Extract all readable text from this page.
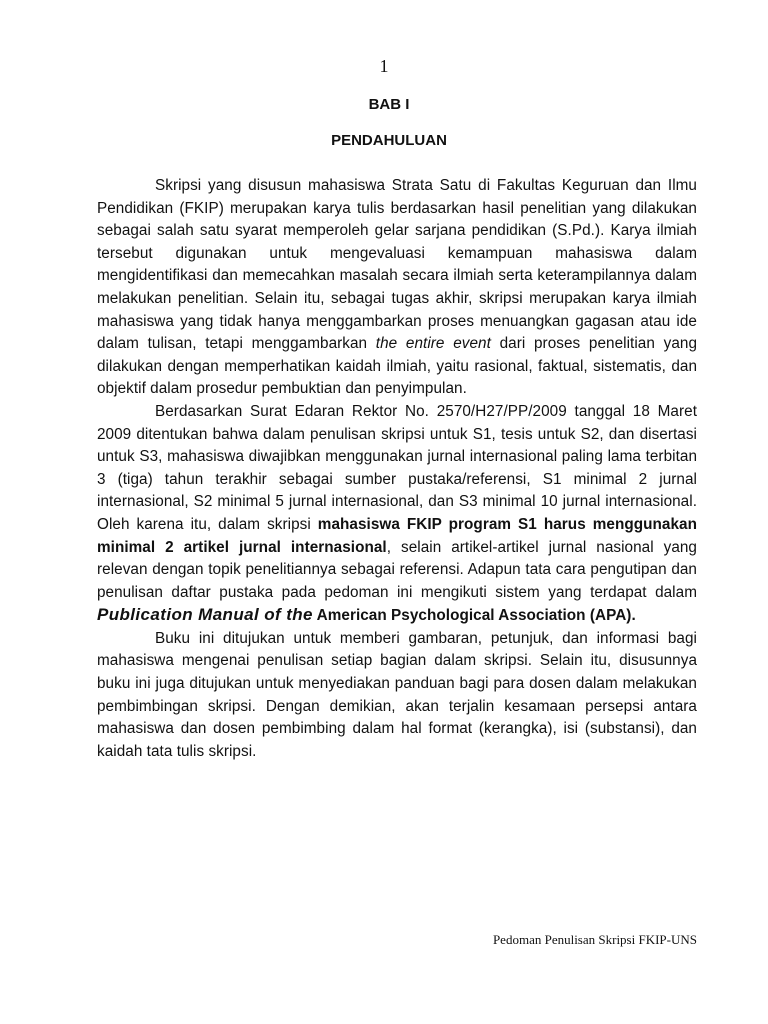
1
BAB I
PENDAHULUAN

Skripsi yang disusun mahasiswa Strata Satu di Fakultas Keguruan dan Ilmu Pendidikan (FKIP) merupakan karya tulis berdasarkan hasil penelitian yang dilakukan sebagai salah satu syarat memperoleh gelar sarjana pendidikan (S.Pd.). Karya ilmiah tersebut digunakan untuk mengevaluasi kemampuan mahasiswa dalam mengidentifikasi dan memecahkan masalah secara ilmiah serta keterampilannya dalam melakukan penelitian. Selain itu, sebagai tugas akhir, skripsi merupakan karya ilmiah mahasiswa yang tidak hanya menggambarkan proses menuangkan gagasan atau ide dalam tulisan, tetapi menggambarkan the entire event dari proses penelitian yang dilakukan dengan memperhatikan kaidah ilmiah, yaitu rasional, faktual, sistematis, dan objektif dalam prosedur pembuktian dan penyimpulan.

Berdasarkan Surat Edaran Rektor No. 2570/H27/PP/2009 tanggal 18 Maret 2009 ditentukan bahwa dalam penulisan skripsi untuk S1, tesis untuk S2, dan disertasi untuk S3, mahasiswa diwajibkan menggunakan jurnal internasional paling lama terbitan 3 (tiga) tahun terakhir sebagai sumber pustaka/referensi, S1 minimal 2 jurnal internasional, S2 minimal 5 jurnal internasional, dan S3 minimal 10 jurnal internasional. Oleh karena itu, dalam skripsi mahasiswa FKIP program S1 harus menggunakan minimal 2 artikel jurnal internasional, selain artikel-artikel jurnal nasional yang relevan dengan topik penelitiannya sebagai referensi. Adapun tata cara pengutipan dan penulisan daftar pustaka pada pedoman ini mengikuti sistem yang terdapat dalam Publication Manual of the American Psychological Association (APA).

Buku ini ditujukan untuk memberi gambaran, petunjuk, dan informasi bagi mahasiswa mengenai penulisan setiap bagian dalam skripsi. Selain itu, disusunnya buku ini juga ditujukan untuk menyediakan panduan bagi para dosen dalam melakukan pembimbingan skripsi. Dengan demikian, akan terjalin kesamaan persepsi antara mahasiswa dan dosen pembimbing dalam hal format (kerangka), isi (substansi), dan kaidah tata tulis skripsi.

Pedoman Penulisan Skripsi FKIP-UNS
